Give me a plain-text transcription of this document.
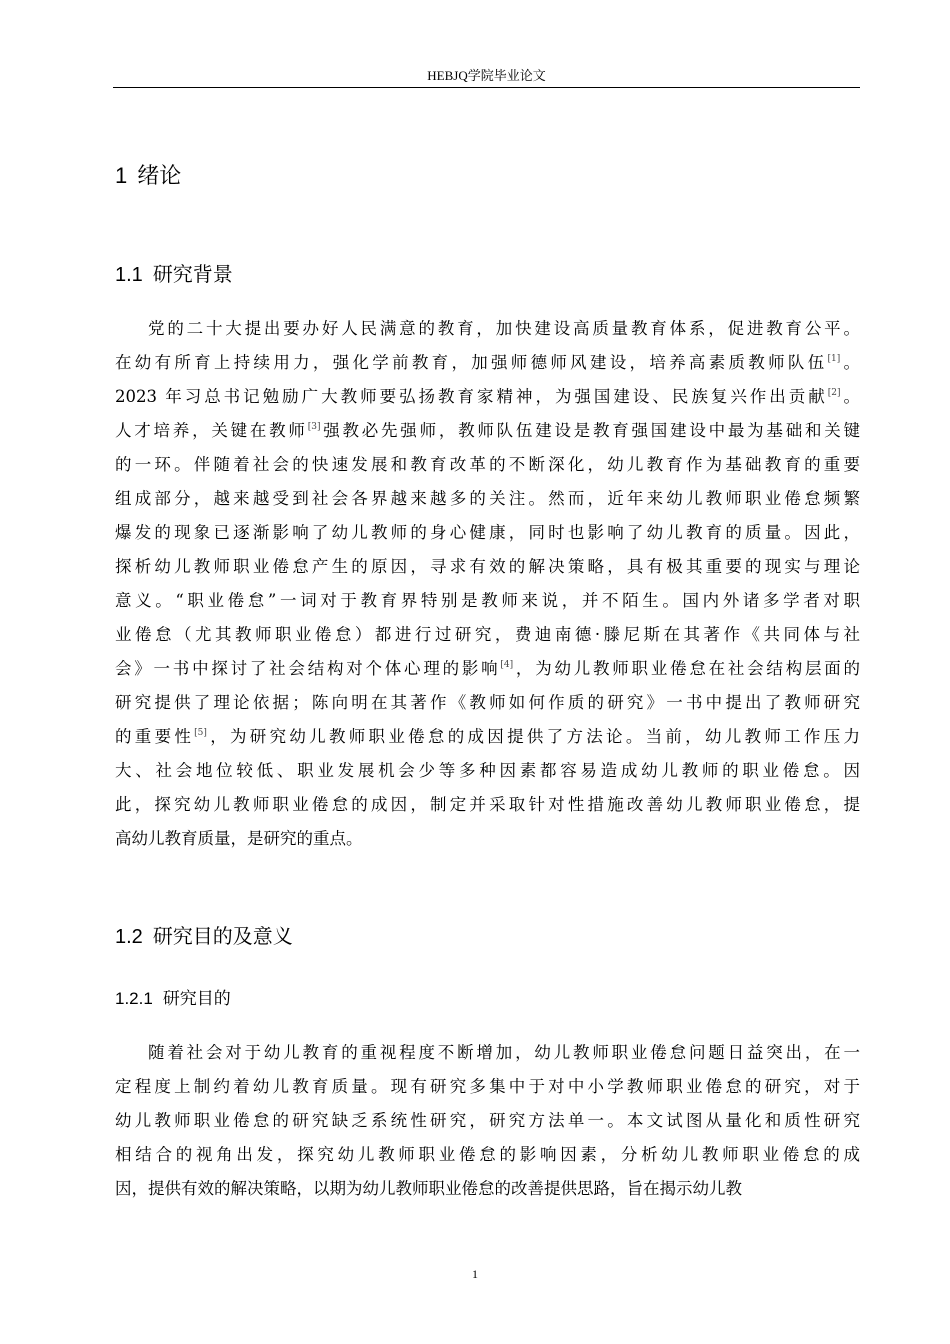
HEBJQ学院毕业论文
1 绪论
1.1 研究背景
党的二十大提出要办好人民满意的教育，加快建设高质量教育体系，促进教育公平。
在幼有所育上持续用力，强化学前教育，加强师德师风建设，培养高素质教师队伍[1]。
2023 年习总书记勉励广大教师要弘扬教育家精神，为强国建设、民族复兴作出贡献[2]。
人才培养，关键在教师[3]强教必先强师，教师队伍建设是教育强国建设中最为基础和关键
的一环。伴随着社会的快速发展和教育改革的不断深化，幼儿教育作为基础教育的重要
组成部分，越来越受到社会各界越来越多的关注。然而，近年来幼儿教师职业倦怠频繁
爆发的现象已逐渐影响了幼儿教师的身心健康，同时也影响了幼儿教育的质量。因此，
探析幼儿教师职业倦怠产生的原因，寻求有效的解决策略，具有极其重要的现实与理论
意义。“职业倦怠”一词对于教育界特别是教师来说，并不陌生。国内外诸多学者对职
业倦怠（尤其教师职业倦怠）都进行过研究，费迪南德·滕尼斯在其著作《共同体与社
会》一书中探讨了社会结构对个体心理的影响[4]，为幼儿教师职业倦怠在社会结构层面的
研究提供了理论依据；陈向明在其著作《教师如何作质的研究》一书中提出了教师研究
的重要性[5]，为研究幼儿教师职业倦怠的成因提供了方法论。当前，幼儿教师工作压力
大、社会地位较低、职业发展机会少等多种因素都容易造成幼儿教师的职业倦怠。因
此，探究幼儿教师职业倦怠的成因，制定并采取针对性措施改善幼儿教师职业倦怠，提
高幼儿教育质量，是研究的重点。
1.2 研究目的及意义
1.2.1 研究目的
随着社会对于幼儿教育的重视程度不断增加，幼儿教师职业倦怠问题日益突出，在一
定程度上制约着幼儿教育质量。现有研究多集中于对中小学教师职业倦怠的研究，对于
幼儿教师职业倦怠的研究缺乏系统性研究，研究方法单一。本文试图从量化和质性研究
相结合的视角出发，探究幼儿教师职业倦怠的影响因素，分析幼儿教师职业倦怠的成
因，提供有效的解决策略，以期为幼儿教师职业倦怠的改善提供思路，旨在揭示幼儿教
1
